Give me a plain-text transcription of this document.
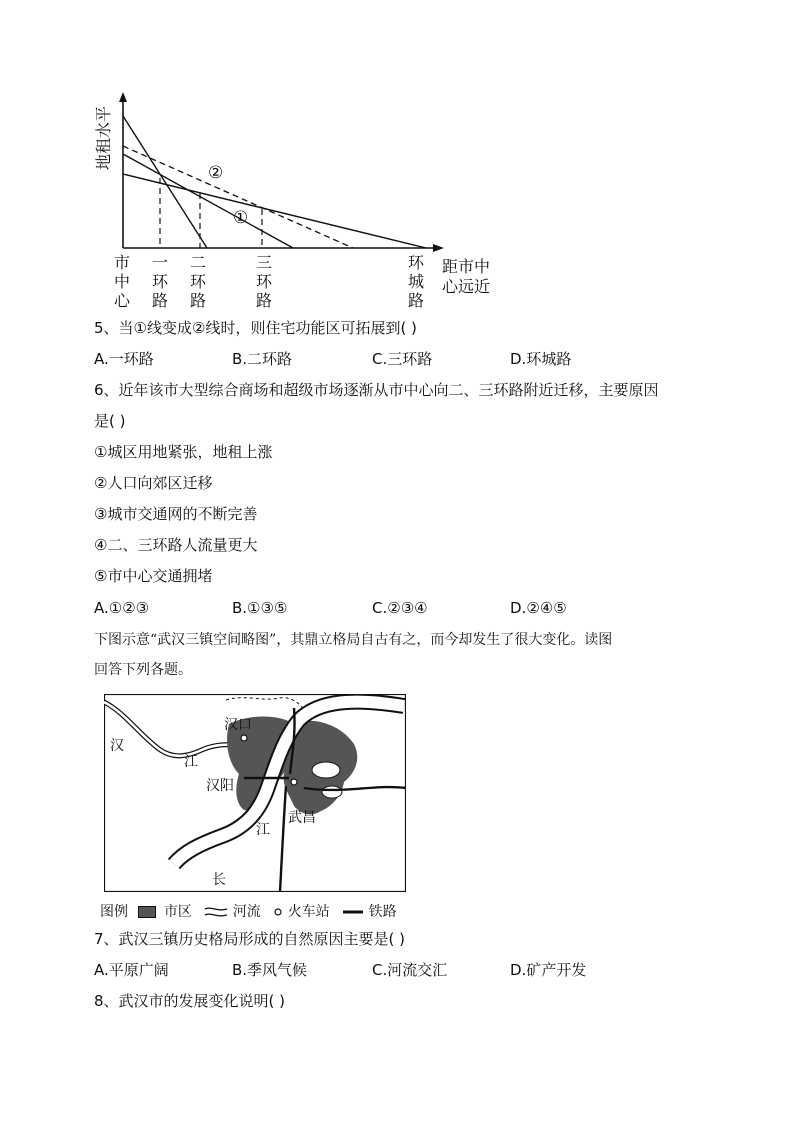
②
①
地租水平
市
中
心
一
环
路
二
环
路
三
环
路
环
城
路
距市中
心远近
5、当①线变成②线时，则住宅功能区可拓展到( )
A.一环路	B.二环路	C.三环路	D.环城路
6、近年该市大型综合商场和超级市场逐渐从市中心向二、三环路附近迁移，主要原因
是( )
①城区用地紧张，地租上涨
②人口向郊区迁移
③城市交通网的不断完善
④二、三环路人流量更大
⑤市中心交通拥堵
A.①②③	B.①③⑤	C.②③④	D.②④⑤
下图示意“武汉三镇空间略图”，其鼎立格局自古有之，而今却发生了很大变化。读图
回答下列各题。
汉口
汉
江
汉阳
武昌
江
长
图例	市区	河流 火车站	铁路
7、武汉三镇历史格局形成的自然原因主要是( )
A.平原广阔	B.季风气候	C.河流交汇	D.矿产开发
8、武汉市的发展变化说明( )
